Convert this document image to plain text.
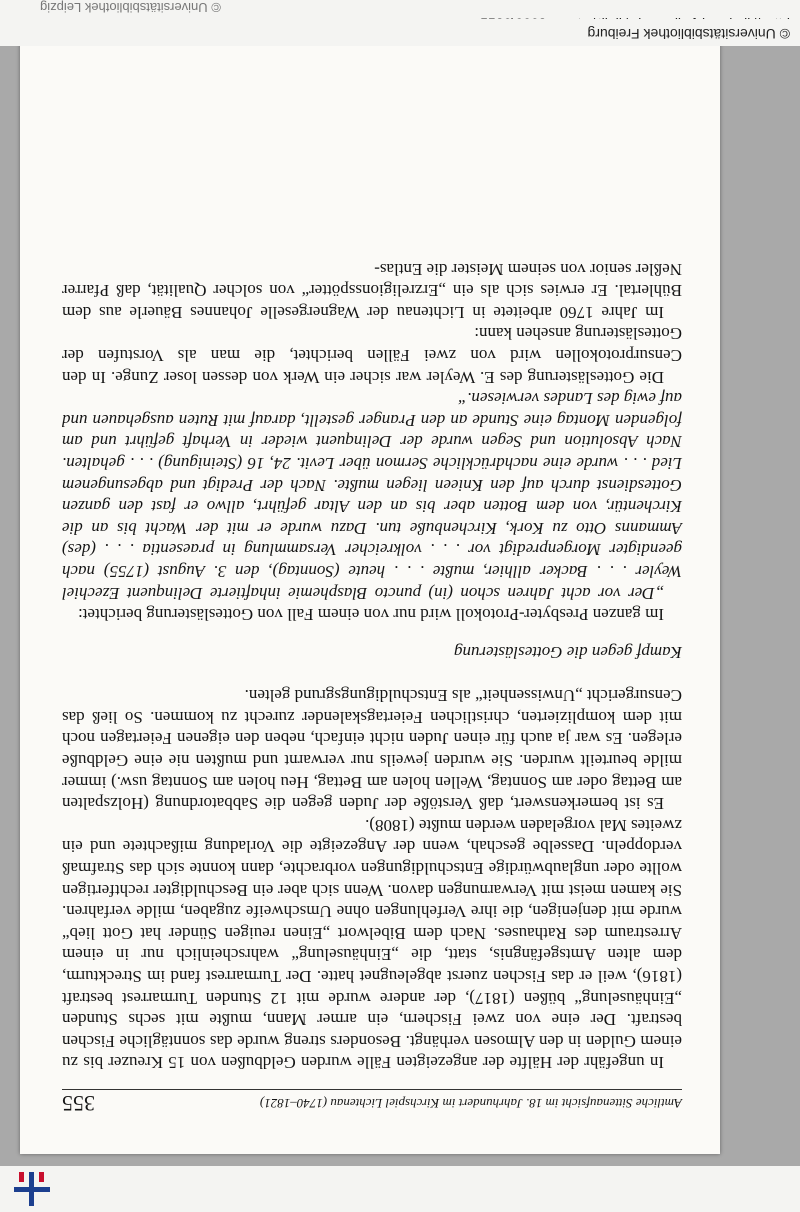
Amtliche Sittenaufsicht im 18. Jahrhundert im Kirchspiel Lichtenau (1740–1821)
355

In ungefähr der Hälfte der angezeigten Fälle wurden Geldbußen von 15 Kreuzer bis zu einem Gulden in den Almosen verhängt. Besonders streng wurde das sonntägliche Fischen bestraft. Der eine von zwei Fischern, ein armer Mann, mußte mit sechs Stunden „Einhäuselung“ büßen (1817), der andere wurde mit 12 Stunden Turmarrest bestraft (1816), weil er das Fischen zuerst abgeleugnet hatte. Der Turmarrest fand im Streckturm, dem alten Amtsgefängnis, statt, die „Einhäuselung“ wahrscheinlich nur in einem Arrestraum des Rathauses. Nach dem Bibelwort „Einen reuigen Sünder hat Gott lieb“ wurde mit denjenigen, die ihre Verfehlungen ohne Umschweife zugaben, milde verfahren. Sie kamen meist mit Verwarnungen davon. Wenn sich aber ein Beschuldigter rechtfertigen wollte oder unglaubwürdige Entschuldigungen vorbrachte, dann konnte sich das Strafmaß verdoppeln. Dasselbe geschah, wenn der Angezeigte die Vorladung mißachtete und ein zweites Mal vorgeladen werden mußte (1808).

Es ist bemerkenswert, daß Verstöße der Juden gegen die Sabbatordnung (Holzspalten am Bettag oder am Sonntag, Wellen holen am Bettag, Heu holen am Sonntag usw.) immer milde beurteilt wurden. Sie wurden jeweils nur verwarnt und mußten nie eine Geldbuße erlegen. Es war ja auch für einen Juden nicht einfach, neben den eigenen Feiertagen noch mit dem komplizierten, christlichen Feiertagskalender zurecht zu kommen. So ließ das Censurgericht „Unwissenheit“ als Entschuldigungsgrund gelten.

Kampf gegen die Gotteslästerung

Im ganzen Presbyter-Protokoll wird nur von einem Fall von Gotteslästerung berichtet:

„Der vor acht Jahren schon (in) puncto Blasphemie inhaftierte Delinquent Ezechiel Weyler . . . Backer allhier, mußte . . . heute (Sonntag), den 3. August (1755) nach geendigter Morgenpredigt vor . . . volkreicher Versammlung in praesentia . . . (des) Ammanns Otto zu Kork, Kirchenbuße tun. Dazu wurde er mit der Wacht bis an die Kirchentür, von dem Botten aber bis an den Altar geführt, allwo er fast den ganzen Gottesdienst durch auf den Knieen liegen mußte. Nach der Predigt und abgesungenem Lied . . . wurde eine nachdrückliche Sermon über Levit. 24, 16 (Steinigung) . . . gehalten. Nach Absolution und Segen wurde der Delinquent wieder in Verhaft geführt und am folgenden Montag eine Stunde an den Pranger gestellt, darauf mit Ruten ausgehauen und auf ewig des Landes verwiesen.“

Die Gotteslästerung des E. Weyler war sicher ein Werk von dessen loser Zunge. In den Censurprotokollen wird von zwei Fällen berichtet, die man als Vorstufen der Gotteslästerung ansehen kann:

Im Jahre 1760 arbeitete in Lichtenau der Wagnergeselle Johannes Bäuerle aus dem Bühlertal. Er erwies sich als ein „Erzreligionsspötter“ von solcher Qualität, daß Pfarrer Neßler senior von seinem Meister die Entlas-

© Universitätsbibliothek Freiburg
© Universitätsbibliothek Leipzig
